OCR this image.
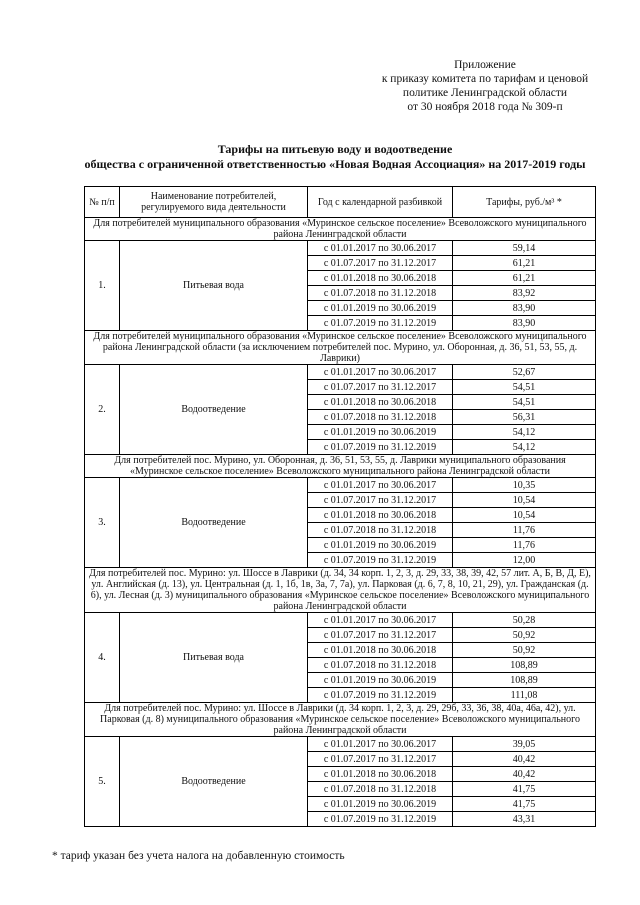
Приложение
к приказу комитета по тарифам и ценовой
политике Ленинградской области
от 30 ноября 2018 года № 309-п
Тарифы на питьевую воду и водоотведение
общества с ограниченной ответственностью «Новая Водная Ассоциация» на 2017-2019 годы
№ п/п	Наименование потребителей, регулируемого вида деятельности	Год с календарной разбивкой	Тарифы, руб./м³ *
Для потребителей муниципального образования «Муринское сельское поселение» Всеволожского муниципального района Ленинградской области			
1.	Питьевая вода	с 01.01.2017 по 30.06.2017	59,14
		с 01.07.2017 по 31.12.2017	61,21
		с 01.01.2018 по 30.06.2018	61,21
		с 01.07.2018 по 31.12.2018	83,92
		с 01.01.2019 по 30.06.2019	83,90
		с 01.07.2019 по 31.12.2019	83,90
Для потребителей муниципального образования «Муринское сельское поселение» Всеволожского муниципального района Ленинградской области (за исключением потребителей пос. Мурино, ул. Оборонная, д. 36, 51, 53, 55, д. Лаврики)			
2.	Водоотведение	с 01.01.2017 по 30.06.2017	52,67
		с 01.07.2017 по 31.12.2017	54,51
		с 01.01.2018 по 30.06.2018	54,51
		с 01.07.2018 по 31.12.2018	56,31
		с 01.01.2019 по 30.06.2019	54,12
		с 01.07.2019 по 31.12.2019	54,12
Для потребителей пос. Мурино, ул. Оборонная, д. 36, 51, 53, 55, д. Лаврики муниципального образования «Муринское сельское поселение» Всеволожского муниципального района Ленинградской области			
3.	Водоотведение	с 01.01.2017 по 30.06.2017	10,35
		с 01.07.2017 по 31.12.2017	10,54
		с 01.01.2018 по 30.06.2018	10,54
		с 01.07.2018 по 31.12.2018	11,76
		с 01.01.2019 по 30.06.2019	11,76
		с 01.07.2019 по 31.12.2019	12,00
Для потребителей пос. Мурино: ул. Шоссе в Лаврики (д. 34, 34 корп. 1, 2, 3, д. 29, 33, 38, 39, 42, 57 лит. А, Б, В, Д, Е), ул. Английская (д. 13), ул. Центральная (д. 1, 1б, 1в, 3а, 7, 7а), ул. Парковая (д. 6, 7, 8, 10, 21, 29), ул. Гражданская (д. 6), ул. Лесная (д. 3) муниципального образования «Муринское сельское поселение» Всеволожского муниципального района Ленинградской области			
4.	Питьевая вода	с 01.01.2017 по 30.06.2017	50,28
		с 01.07.2017 по 31.12.2017	50,92
		с 01.01.2018 по 30.06.2018	50,92
		с 01.07.2018 по 31.12.2018	108,89
		с 01.01.2019 по 30.06.2019	108,89
		с 01.07.2019 по 31.12.2019	111,08
Для потребителей пос. Мурино: ул. Шоссе в Лаврики (д. 34 корп. 1, 2, 3, д. 29, 29б, 33, 36, 38, 40а, 46а, 42), ул. Парковая (д. 8) муниципального образования «Муринское сельское поселение» Всеволожского муниципального района Ленинградской области			
5.	Водоотведение	с 01.01.2017 по 30.06.2017	39,05
		с 01.07.2017 по 31.12.2017	40,42
		с 01.01.2018 по 30.06.2018	40,42
		с 01.07.2018 по 31.12.2018	41,75
		с 01.01.2019 по 30.06.2019	41,75
		с 01.07.2019 по 31.12.2019	43,31
* тариф указан без учета налога на добавленную стоимость
